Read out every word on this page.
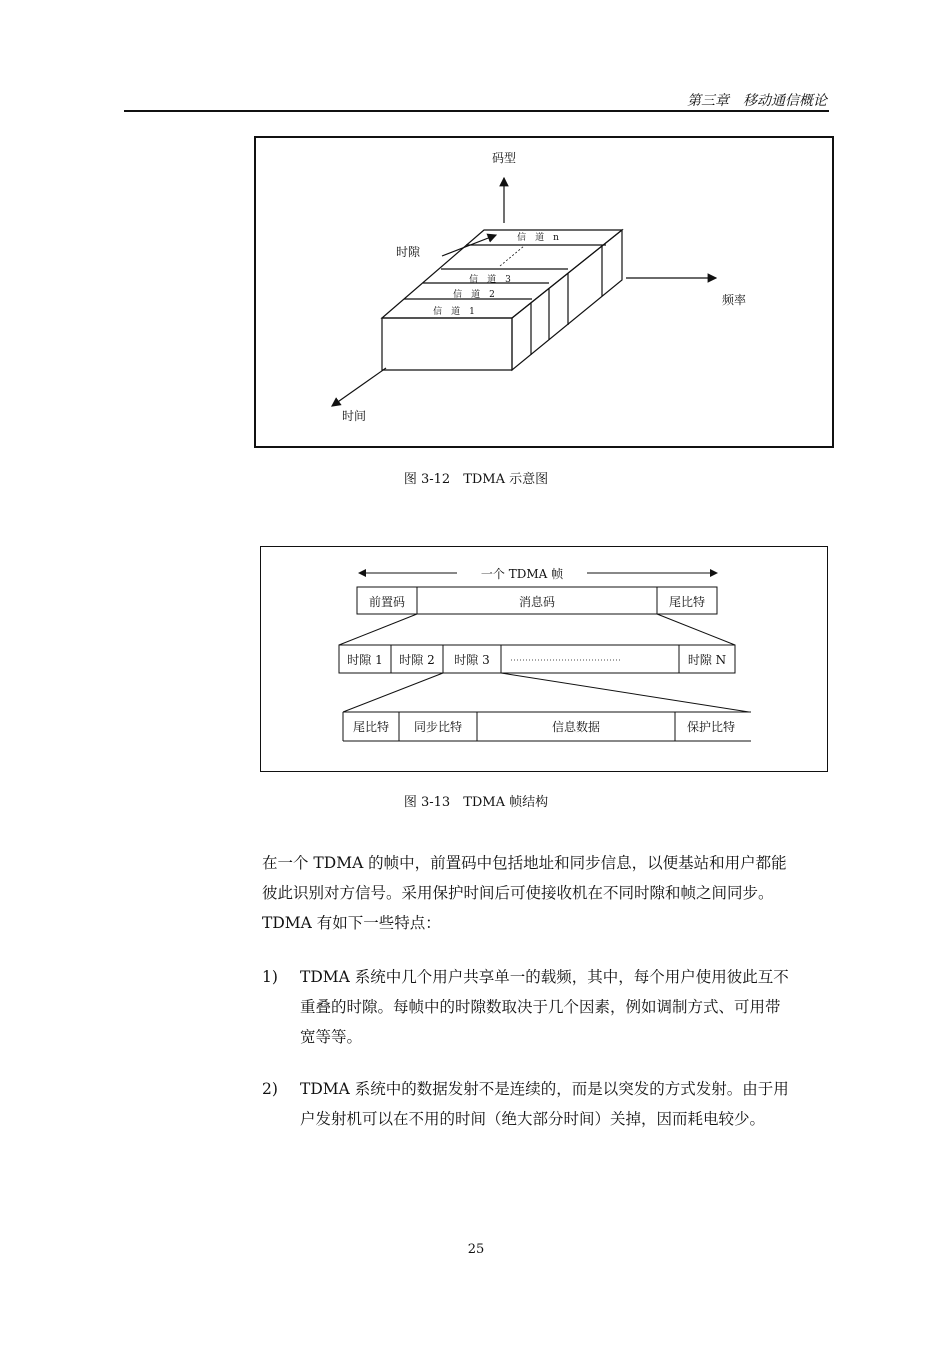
第三章　移动通信概论
码型
时隙
频率
时间
信　道　n
信　道　3
信　道　2
信　道　1
图 3-12　TDMA 示意图
一个 TDMA 帧
前置码	消息码	尾比特
时隙 1 时隙 2 时隙 3	时隙 N
尾比特 同步比特	信息数据	保护比特
图 3-13　TDMA 帧结构
在一个 TDMA 的帧中，前置码中包括地址和同步信息，以便基站和用户都能
彼此识别对方信号。采用保护时间后可使接收机在不同时隙和帧之间同步。
TDMA 有如下一些特点：
1) TDMA 系统中几个用户共享单一的载频，其中，每个用户使用彼此互不
重叠的时隙。每帧中的时隙数取决于几个因素，例如调制方式、可用带
宽等等。
2) TDMA 系统中的数据发射不是连续的，而是以突发的方式发射。由于用
户发射机可以在不用的时间（绝大部分时间）关掉，因而耗电较少。
25
